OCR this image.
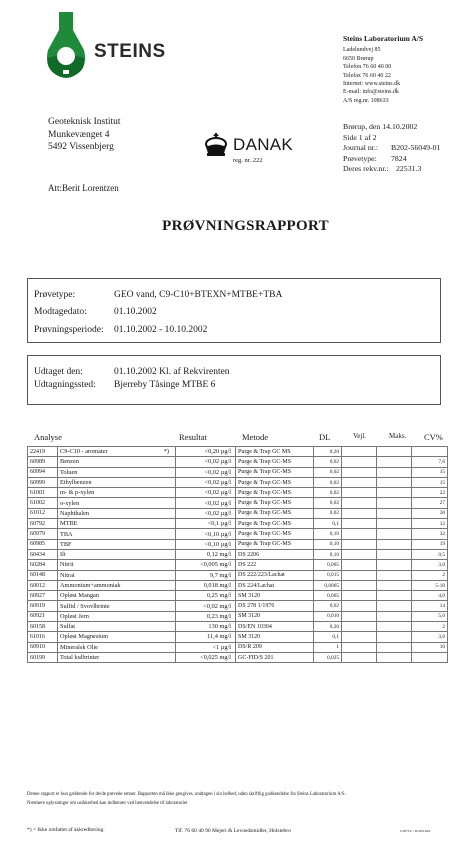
STEINS
Steins Laboratorium A/S
Ladelundvej 85
6650 Brørup
Telefon 76 60 40 00
Telefax 76 60 40 22
Internet: www.steins.dk
E-mail: info@steins.dk
A/S reg.nr. 108633
Brørup, den 14.10.2002
Side 1 af 2
Journal nr.: B202-56049-01
Prøvetype: 7824
Deres rekv.nr.: 22531.3
Geoteknisk Institut
Munkevænget 4
5492 Vissenbjerg
Att:Berit Lorentzen
DANAK
reg. nr. 222
PRØVNINGSRAPPORT
Prøvetype:	GEO vand, C9-C10+BTEXN+MTBE+TBA
Modtagedato:	01.10.2002
Prøvningsperiode: 01.10.2002 - 10.10.2002
Udtaget den:	01.10.2002 Kl. af Rekvirenten
Udtagningssted: Bjerreby Tåsinge MTBE 6
Analyse	Resultat	Metode	DL	Vejl.	Maks. CV%
22419	C9-C10 - aromater *)	<0,20 µg/l	Purge & Trap GC MS	0,20			
60989	Benzen	<0,02 µg/l	Purge & Trap GC-MS	0,02			7,6
60994	Toluen	<0,02 µg/l	Purge & Trap GC-MS	0,02			15
60999	Ethylbenzen	<0,02 µg/l	Purge & Trap GC-MS	0,02			15
61001	m- & p-xylen	<0,02 µg/l	Purge & Trap GC-MS	0,02			22
61002	o-xylen	<0,02 µg/l	Purge & Trap GC-MS	0,02			27
61012	Naphthalen	<0,02 µg/l	Purge & Trap GC-MS	0,02			30
60792	MTBE	<0,1 µg/l	Purge & Trap GC-MS	0,1			12
60979	TBA	<0,10 µg/l	Purge & Trap GC-MS	0,10			32
60985	TBF	<0,10 µg/l	Purge & Trap GC-MS	0,10			19
60434	Ilt	0,12 mg/l	DS 2206	0,10			0,5
60284	Nitrit	<0,005 mg/l	DS 222	0,005			3,0
60148	Nitrat	9,7 mg/l	DS 222/223/Lachat	0,015			2
60012	Ammonium+ammoniak	0,018 mg/l	DS 224/Lachat	0,0065			5-10
60927	Opløst Mangan	0,25 mg/l	SM 3120	0,005			4,0
60919	Sulfid / Svovlbrinte	<0,02 mg/l	DS 278 1/1976	0,02			14
60921	Opløst Jern	0,23 mg/l	SM 3120	0,010			5,0
60158	Sulfat	130 mg/l	DS/EN 10304	0,20			2
61016	Opløst Magnesium	11,4 mg/l	SM 3120	0,1			3,6
60910	Mineralsk Olie	<1 µg/l	DS/R 209	1			10
60199	Total kulbrinter	<0,025 mg/l	GC-FID/S 201	0,025			
Denne rapport er kun gældende for de/de prøvede emner. Rapporten må ikke gengives, undtagen i sin helhed, uden skriftlig godkendelse fra Steins Laboratorium A/S.
Nærmere oplysninger om usikkerhed kan indhentes ved henvendelse til laboratoriet
*) = Ikke omfattet af akkreditering.	Tlf. 76 60 40 90 Mejeri & Levnedsmidler, Holstebro	C2873-b / R-009-004
